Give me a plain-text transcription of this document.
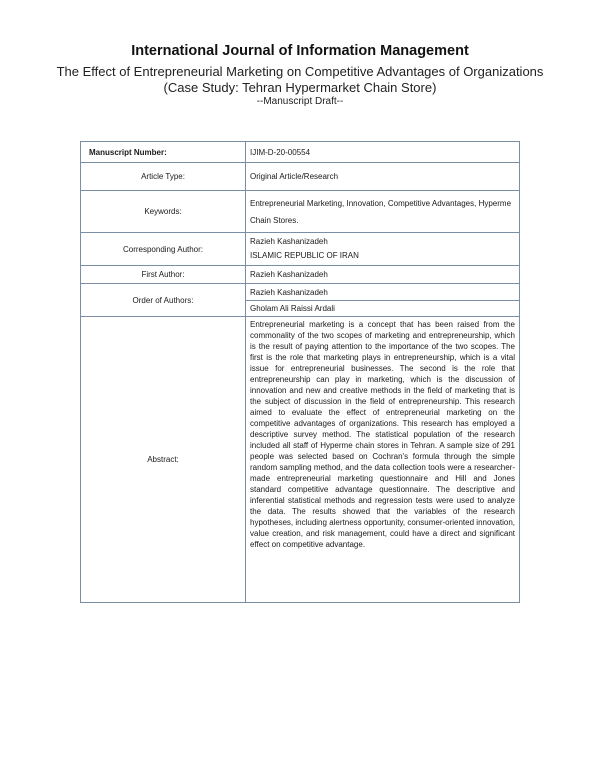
International Journal of Information Management
The Effect of Entrepreneurial Marketing on Competitive Advantages of Organizations
(Case Study: Tehran Hypermarket Chain Store)
--Manuscript Draft--
Manuscript Number:	IJIM-D-20-00554
Article Type:	Original Article/Research
Keywords:	Entrepreneurial Marketing, Innovation, Competitive Advantages, Hyperme Chain Stores.
Corresponding Author:	Razieh Kashanizadeh
ISLAMIC REPUBLIC OF IRAN

First Author:	Razieh Kashanizadeh
Order of Authors:	Razieh Kashanizadeh
	Gholam Ali Raissi Ardali
Abstract:	Entrepreneurial marketing is a concept that has been raised from the commonality of the two scopes of marketing and entrepreneurship, which is the result of paying attention to the importance of the two scopes. The first is the role that marketing plays in entrepreneurship, which is a vital issue for entrepreneurial businesses. The second is the role that entrepreneurship can play in marketing, which is the discussion of innovation and new and creative methods in the field of marketing that is the subject of discussion in the field of entrepreneurship. This research aimed to evaluate the effect of entrepreneurial marketing on the competitive advantages of organizations. This research has employed a descriptive survey method. The statistical population of the research included all staff of Hyperme chain stores in Tehran. A sample size of 291 people was selected based on Cochran's formula through the simple random sampling method, and the data collection tools were a researcher- made entrepreneurial marketing questionnaire and Hill and Jones standard competitive advantage questionnaire. The descriptive and inferential statistical methods and regression tests were used to analyze the data. The results showed that the variables of the research hypotheses, including alertness opportunity, consumer-oriented innovation, value creation, and risk management, could have a direct and significant effect on competitive advantage.
